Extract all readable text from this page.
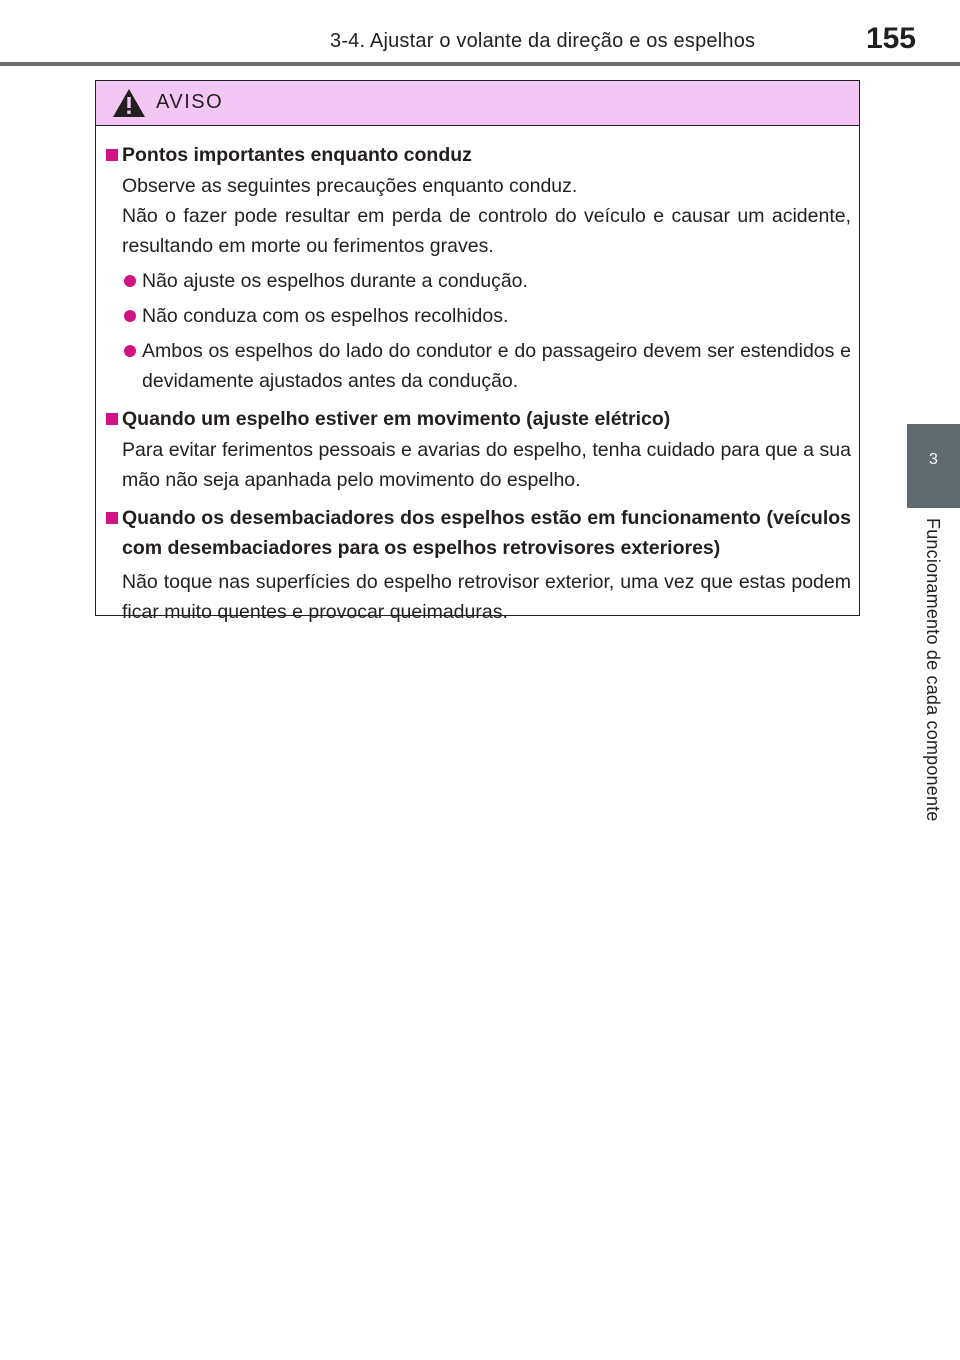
3-4. Ajustar o volante da direção e os espelhos	155
3
Funcionamento de cada componente
AVISO
Pontos importantes enquanto conduz
Observe as seguintes precauções enquanto conduz.
Não o fazer pode resultar em perda de controlo do veículo e causar um acidente, resultando em morte ou ferimentos graves.
Não ajuste os espelhos durante a condução.
Não conduza com os espelhos recolhidos.
Ambos os espelhos do lado do condutor e do passageiro devem ser estendidos e devidamente ajustados antes da condução.
Quando um espelho estiver em movimento (ajuste elétrico)
Para evitar ferimentos pessoais e avarias do espelho, tenha cuidado para que a sua mão não seja apanhada pelo movimento do espelho.
Quando os desembaciadores dos espelhos estão em funcionamento (veículos com desembaciadores para os espelhos retrovisores exteriores)
Não toque nas superfícies do espelho retrovisor exterior, uma vez que estas podem ficar muito quentes e provocar queimaduras.
